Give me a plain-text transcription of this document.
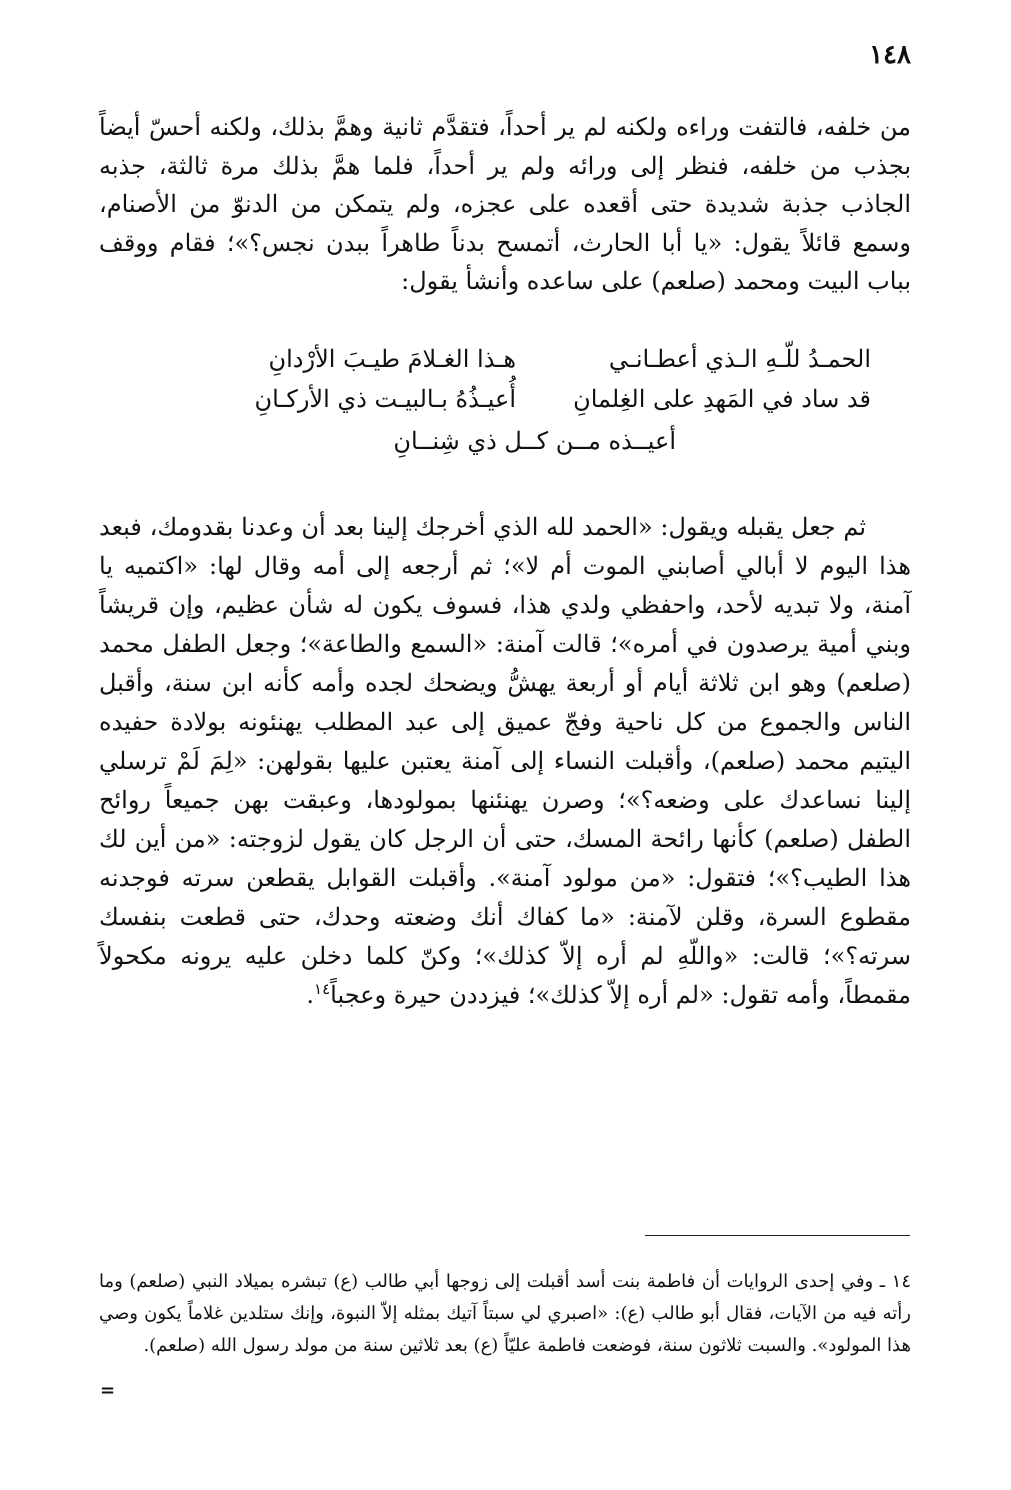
١٤٨

من خلفه، فالتفت وراءه ولكنه لم ير أحداً، فتقدَّم ثانية وهمَّ بذلك، ولكنه أحسّ أيضاً بجذب من خلفه، فنظر إلى ورائه ولم ير أحداً، فلما همَّ بذلك مرة ثالثة، جذبه الجاذب جذبة شديدة حتى أقعده على عجزه، ولم يتمكن من الدنوّ من الأصنام، وسمع قائلاً يقول: «يا أبا الحارث، أتمسح بدناً طاهراً ببدن نجس؟»؛ فقام ووقف بباب البيت ومحمد (صلعم) على ساعده وأنشأ يقول:

الحمـدُ للّـهِ الـذي أعطـانـي
هـذا الغـلامَ طيـبَ الأرْدانِ
قد ساد في المَهدِ على الغِلمانِ
أُعيـذُهُ بـالبيـت ذي الأركـانِ
أعيــذه مــن كــل ذي شِنــانِ

ثم جعل يقبله ويقول: «الحمد لله الذي أخرجك إلينا بعد أن وعدنا بقدومك، فبعد هذا اليوم لا أبالي أصابني الموت أم لا»؛ ثم أرجعه إلى أمه وقال لها: «اكتميه يا آمنة، ولا تبديه لأحد، واحفظي ولدي هذا، فسوف يكون له شأن عظيم، وإن قريشاً وبني أمية يرصدون في أمره»؛ قالت آمنة: «السمع والطاعة»؛ وجعل الطفل محمد (صلعم) وهو ابن ثلاثة أيام أو أربعة يهشُّ ويضحك لجده وأمه كأنه ابن سنة، وأقبل الناس والجموع من كل ناحية وفجّ عميق إلى عبد المطلب يهنئونه بولادة حفيده اليتيم محمد (صلعم)، وأقبلت النساء إلى آمنة يعتبن عليها بقولهن: «لِمَ لَمْ ترسلي إلينا نساعدك على وضعه؟»؛ وصرن يهنئنها بمولودها، وعبقت بهن جميعاً روائح الطفل (صلعم) كأنها رائحة المسك، حتى أن الرجل كان يقول لزوجته: «من أين لك هذا الطيب؟»؛ فتقول: «من مولود آمنة». وأقبلت القوابل يقطعن سرته فوجدنه مقطوع السرة، وقلن لآمنة: «ما كفاك أنك وضعته وحدك، حتى قطعت بنفسك سرته؟»؛ قالت: «واللّهِ لم أره إلاّ كذلك»؛ وكنّ كلما دخلن عليه يرونه مكحولاً مقمطاً، وأمه تقول: «لم أره إلاّ كذلك»؛ فيزددن حيرة وعجباً$^{١٤}$.

١٤ ـ وفي إحدى الروايات أن فاطمة بنت أسد أقبلت إلى زوجها أبي طالب (ع) تبشره بميلاد النبي (صلعم) وما رأته فيه من الآيات، فقال أبو طالب (ع): «اصبري لي سبتاً آتيك بمثله إلاّ النبوة، وإنك ستلدين غلاماً يكون وصي هذا المولود». والسبت ثلاثون سنة، فوضعت فاطمة عليّاً (ع) بعد ثلاثين سنة من مولد رسول الله (صلعم).

=
